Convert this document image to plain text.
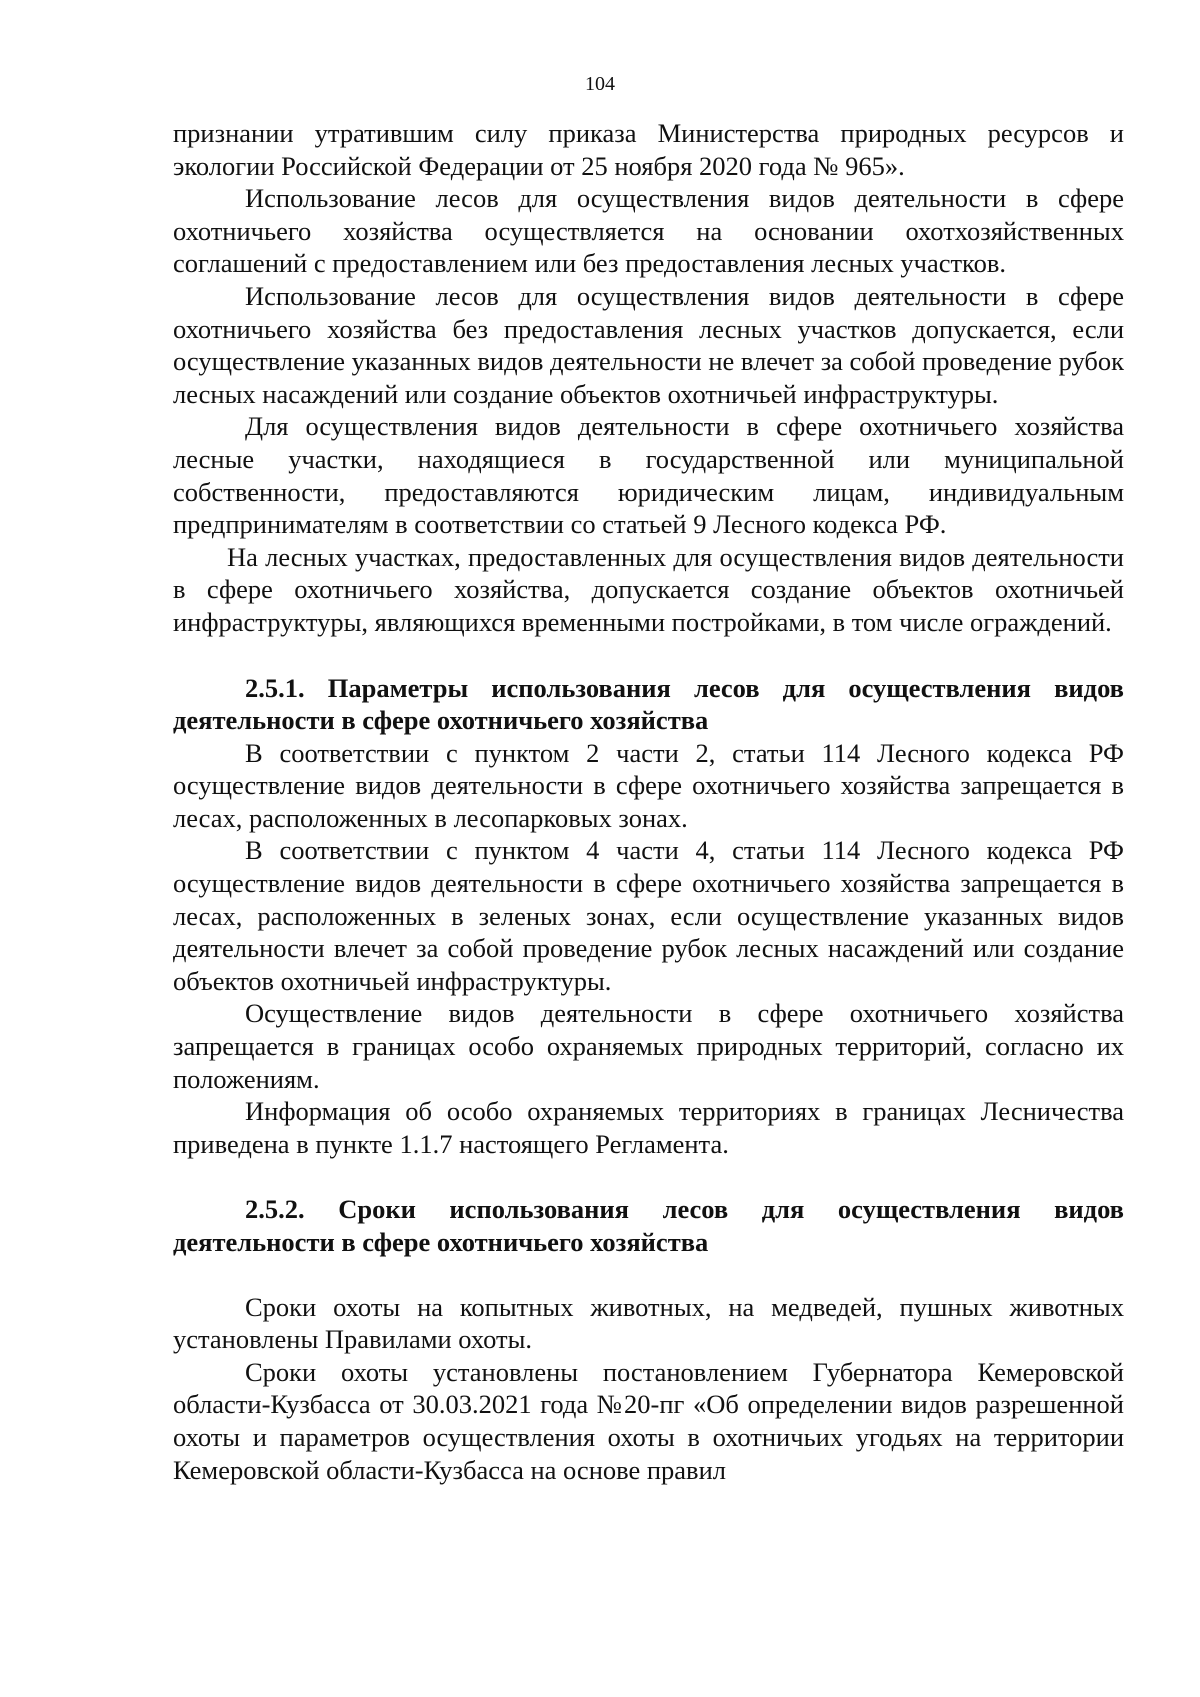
104

признании утратившим силу приказа Министерства природных ресурсов и экологии Российской Федерации от 25 ноября 2020 года № 965».

Использование лесов для осуществления видов деятельности в сфере охотничьего хозяйства осуществляется на основании охотхозяйственных соглашений с предоставлением или без предоставления лесных участков.

Использование лесов для осуществления видов деятельности в сфере охотничьего хозяйства без предоставления лесных участков допускается, если осуществление указанных видов деятельности не влечет за собой проведение рубок лесных насаждений или создание объектов охотничьей инфраструктуры.

Для осуществления видов деятельности в сфере охотничьего хозяйства лесные участки, находящиеся в государственной или муниципальной собственности, предоставляются юридическим лицам, индивидуальным предпринимателям в соответствии со статьей 9 Лесного кодекса РФ.

На лесных участках, предоставленных для осуществления видов деятельности в сфере охотничьего хозяйства, допускается создание объектов охотничьей инфраструктуры, являющихся временными постройками, в том числе ограждений.

2.5.1. Параметры использования лесов для осуществления видов деятельности в сфере охотничьего хозяйства

В соответствии с пунктом 2 части 2, статьи 114 Лесного кодекса РФ осуществление видов деятельности в сфере охотничьего хозяйства запрещается в лесах, расположенных в лесопарковых зонах.

В соответствии с пунктом 4 части 4, статьи 114 Лесного кодекса РФ осуществление видов деятельности в сфере охотничьего хозяйства запрещается в лесах, расположенных в зеленых зонах, если осуществление указанных видов деятельности влечет за собой проведение рубок лесных насаждений или создание объектов охотничьей инфраструктуры.

Осуществление видов деятельности в сфере охотничьего хозяйства запрещается в границах особо охраняемых природных территорий, согласно их положениям.

Информация об особо охраняемых территориях в границах Лесничества приведена в пункте 1.1.7 настоящего Регламента.

2.5.2. Сроки использования лесов для осуществления видов деятельности в сфере охотничьего хозяйства

Сроки охоты на копытных животных, на медведей, пушных животных установлены Правилами охоты.

Сроки охоты установлены постановлением Губернатора Кемеровской области-Кузбасса от 30.03.2021 года №20-пг «Об определении видов разрешенной охоты и параметров осуществления охоты в охотничьих угодьях на территории Кемеровской области-Кузбасса на основе правил
